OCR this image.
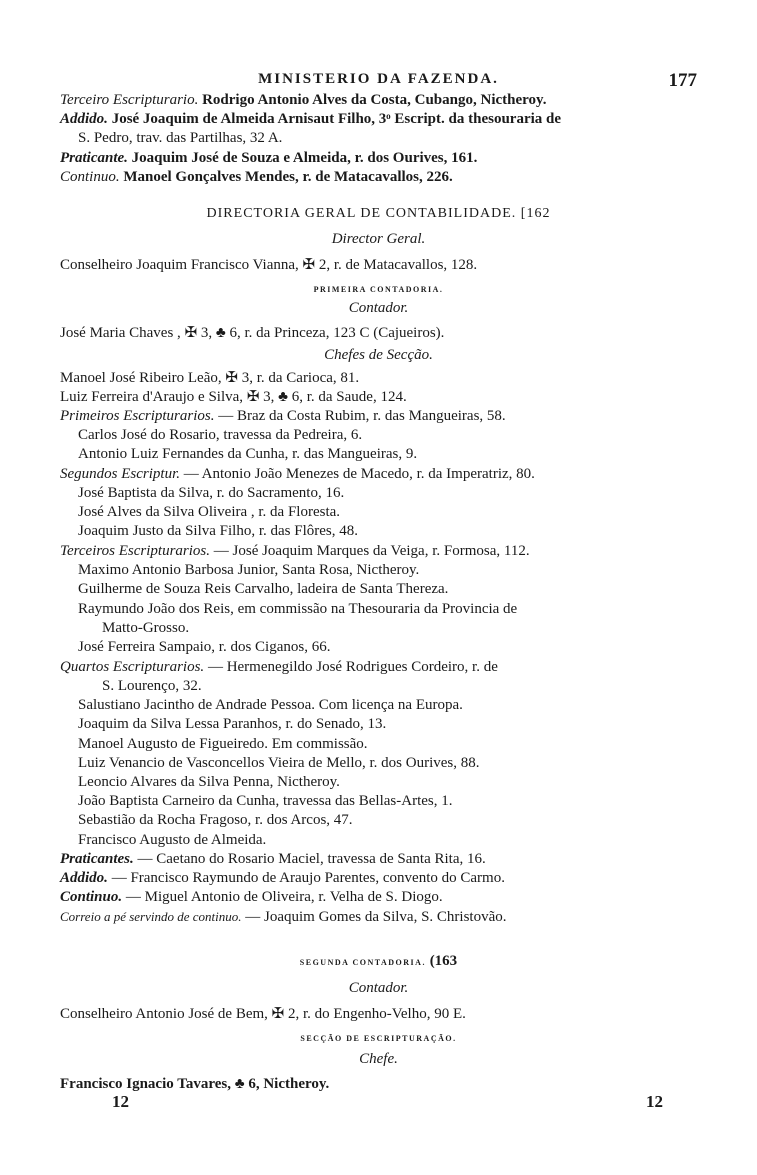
MINISTERIO DA FAZENDA.	177
Terceiro Escripturario. Rodrigo Antonio Alves da Costa, Cubango, Nictheroy.
Addido. José Joaquim de Almeida Arnisaut Filho, 3ᵒ Escript. da thesouraria de
S. Pedro, trav. das Partilhas, 32 A.
Praticante. Joaquim José de Souza e Almeida, r. dos Ourives, 161.
Continuo. Manoel Gonçalves Mendes, r. de Matacavallos, 226.
DIRECTORIA GERAL DE CONTABILIDADE. [162
Director Geral.
Conselheiro Joaquim Francisco Vianna, ✠ 2, r. de Matacavallos, 128.
PRIMEIRA CONTADORIA.
Contador.
José Maria Chaves , ✠ 3, ♣ 6, r. da Princeza, 123 C (Cajueiros).
Chefes de Secção.
Manoel José Ribeiro Leão, ✠ 3, r. da Carioca, 81.
Luiz Ferreira d'Araujo e Silva, ✠ 3, ♣ 6, r. da Saude, 124.
Primeiros Escripturarios. — Braz da Costa Rubim, r. das Mangueiras, 58.
Carlos José do Rosario, travessa da Pedreira, 6.
Antonio Luiz Fernandes da Cunha, r. das Mangueiras, 9.
Segundos Escriptur. — Antonio João Menezes de Macedo, r. da Imperatriz, 80.
José Baptista da Silva, r. do Sacramento, 16.
José Alves da Silva Oliveira , r. da Floresta.
Joaquim Justo da Silva Filho, r. das Flôres, 48.
Terceiros Escripturarios. — José Joaquim Marques da Veiga, r. Formosa, 112.
Maximo Antonio Barbosa Junior, Santa Rosa, Nictheroy.
Guilherme de Souza Reis Carvalho, ladeira de Santa Thereza.
Raymundo João dos Reis, em commissão na Thesouraria da Provincia de
Matto-Grosso.
José Ferreira Sampaio, r. dos Ciganos, 66.
Quartos Escripturarios. — Hermenegildo José Rodrigues Cordeiro, r. de
S. Lourenço, 32.
Salustiano Jacintho de Andrade Pessoa. Com licença na Europa.
Joaquim da Silva Lessa Paranhos, r. do Senado, 13.
Manoel Augusto de Figueiredo. Em commissão.
Luiz Venancio de Vasconcellos Vieira de Mello, r. dos Ourives, 88.
Leoncio Alvares da Silva Penna, Nictheroy.
João Baptista Carneiro da Cunha, travessa das Bellas-Artes, 1.
Sebastião da Rocha Fragoso, r. dos Arcos, 47.
Francisco Augusto de Almeida.
Praticantes. — Caetano do Rosario Maciel, travessa de Santa Rita, 16.
Addido. — Francisco Raymundo de Araujo Parentes, convento do Carmo.
Continuo. — Miguel Antonio de Oliveira, r. Velha de S. Diogo.
Correio a pé servindo de continuo. — Joaquim Gomes da Silva, S. Christovão.
SEGUNDA CONTADORIA. (163
Contador.
Conselheiro Antonio José de Bem, ✠ 2, r. do Engenho-Velho, 90 E.
SECÇÃO DE ESCRIPTURAÇÃO.
Chefe.
Francisco Ignacio Tavares, ♣ 6, Nictheroy.
12	12
